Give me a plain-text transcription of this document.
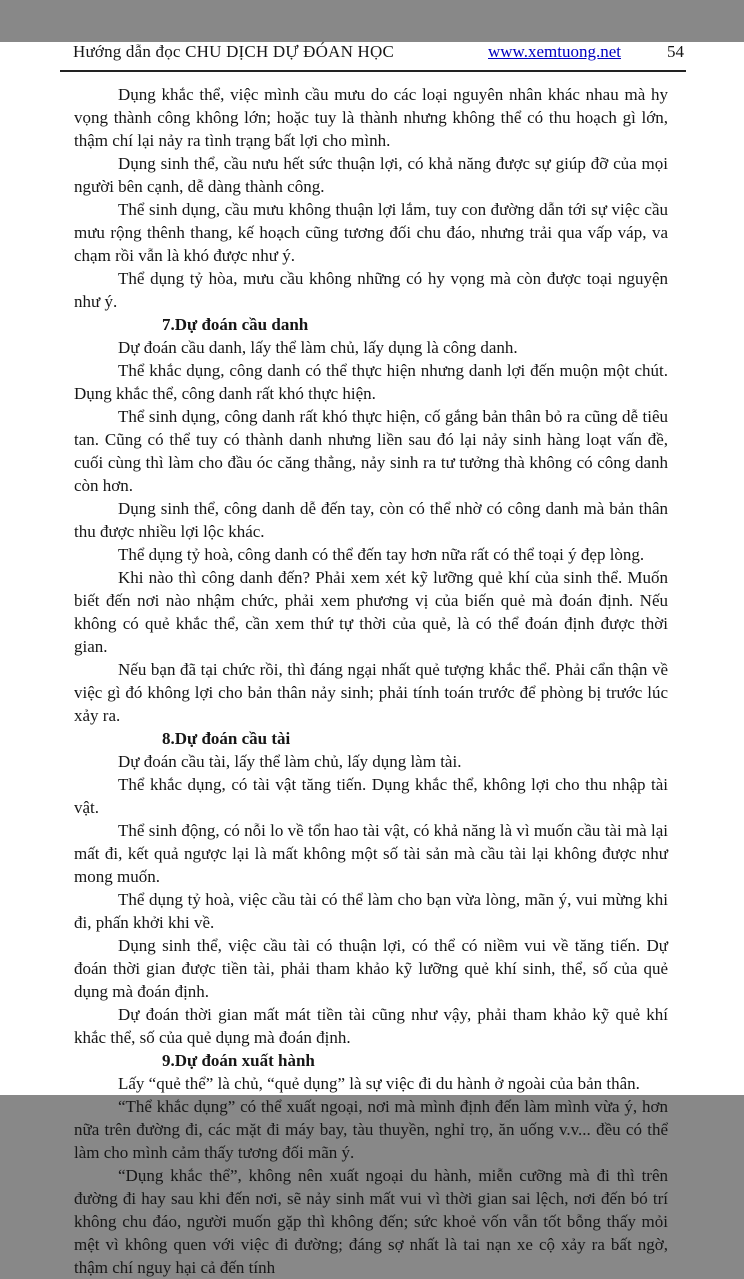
Hướng dẫn đọc CHU DỊCH DỰ ĐÓAN HỌC	www.xemtuong.net	54

Dụng khắc thể, việc mình cầu mưu do các loại nguyên nhân khác nhau mà hy vọng thành công không lớn; hoặc tuy là thành nhưng không thể có thu hoạch gì lớn, thậm chí lại nảy ra tình trạng bất lợi cho mình.

Dụng sinh thể, cầu nưu hết sức thuận lợi, có khả năng được sự giúp đỡ của mọi người bên cạnh, dễ dàng thành công.

Thể sinh dụng, cầu mưu không thuận lợi lắm, tuy con đường dẫn tới sự việc cầu mưu rộng thênh thang, kế hoạch cũng tương đối chu đáo, nhưng trải qua vấp váp, va chạm rồi vẫn là khó được như ý.

Thể dụng tỷ hòa, mưu cầu không những có hy vọng mà còn được toại nguyện như ý.

7.Dự đoán cầu danh

Dự đoán cầu danh, lấy thể làm chủ, lấy dụng là công danh.

Thể khắc dụng, công danh có thể thực hiện nhưng danh lợi đến muộn một chút. Dụng khắc thể, công danh rất khó thực hiện.

Thể sinh dụng, công danh rất khó thực hiện, cố gắng bản thân bỏ ra cũng dễ tiêu tan. Cũng có thể tuy có thành danh nhưng liền sau đó lại nảy sinh hàng loạt vấn đề, cuối cùng thì làm cho đầu óc căng thẳng, nảy sinh ra tư tưởng thà không có công danh còn hơn.

Dụng sinh thể, công danh dễ đến tay, còn có thể nhờ có công danh mà bản thân thu được nhiều lợi lộc khác.

Thể dụng tỷ hoà, công danh có thể đến tay hơn nữa rất có thể toại ý đẹp lòng.

Khi nào thì công danh đến? Phải xem xét kỹ lưỡng quẻ khí của sinh thể. Muốn biết đến nơi nào nhậm chức, phải xem phương vị của biến quẻ mà đoán định. Nếu không có quẻ khắc thể, cần xem thứ tự thời của quẻ, là có thể đoán định được thời gian.

Nếu bạn đã tại chức rồi, thì đáng ngại nhất quẻ tượng khắc thể. Phải cẩn thận về việc gì đó không lợi cho bản thân nảy sinh; phải tính toán trước để phòng bị trước lúc xảy ra.

8.Dự đoán cầu tài

Dự đoán cầu tài, lấy thể làm chủ, lấy dụng làm tài.

Thể khắc dụng, có tài vật tăng tiến. Dụng khắc thể, không lợi cho thu nhập tài vật.

Thể sinh động, có nỗi lo về tổn hao tài vật, có khả năng là vì muốn cầu tài mà lại mất đi, kết quả ngược lại là mất không một số tài sản mà cầu tài lại không được như mong muốn.

Thể dụng tỷ hoà, việc cầu tài có thể làm cho bạn vừa lòng, mãn ý, vui mừng khi đi, phấn khởi khi về.

Dụng sinh thể, việc cầu tài có thuận lợi, có thể có niềm vui về tăng tiến. Dự đoán thời gian được tiền tài, phải tham khảo kỹ lưỡng quẻ khí sinh, thể, số của quẻ dụng mà đoán định.

Dự đoán thời gian mất mát tiền tài cũng như vậy, phải tham khảo kỹ quẻ khí khắc thể, số của quẻ dụng mà đoán định.

9.Dự đoán xuất hành

Lấy “quẻ thể” là chủ, “quẻ dụng” là sự việc đi du hành ở ngoài của bản thân.

“Thể khắc dụng” có thể xuất ngoại, nơi mà mình định đến làm mình vừa ý, hơn nữa trên đường đi, các mặt đi máy bay, tàu thuyền, nghỉ trọ, ăn uống v.v... đều có thể làm cho mình cảm thấy tương đối mãn ý.

“Dụng khắc thể”, không nên xuất ngoại du hành, miễn cưỡng mà đi thì trên đường đi hay sau khi đến nơi, sẽ nảy sinh mất vui vì thời gian sai lệch, nơi đến bó trí không chu đáo, người muốn gặp thì không đến; sức khoẻ vốn vẫn tốt bỗng thấy mỏi mệt vì không quen với việc đi đường; đáng sợ nhất là tai nạn xe cộ xảy ra bất ngờ, thậm chí nguy hại cả đến tính
